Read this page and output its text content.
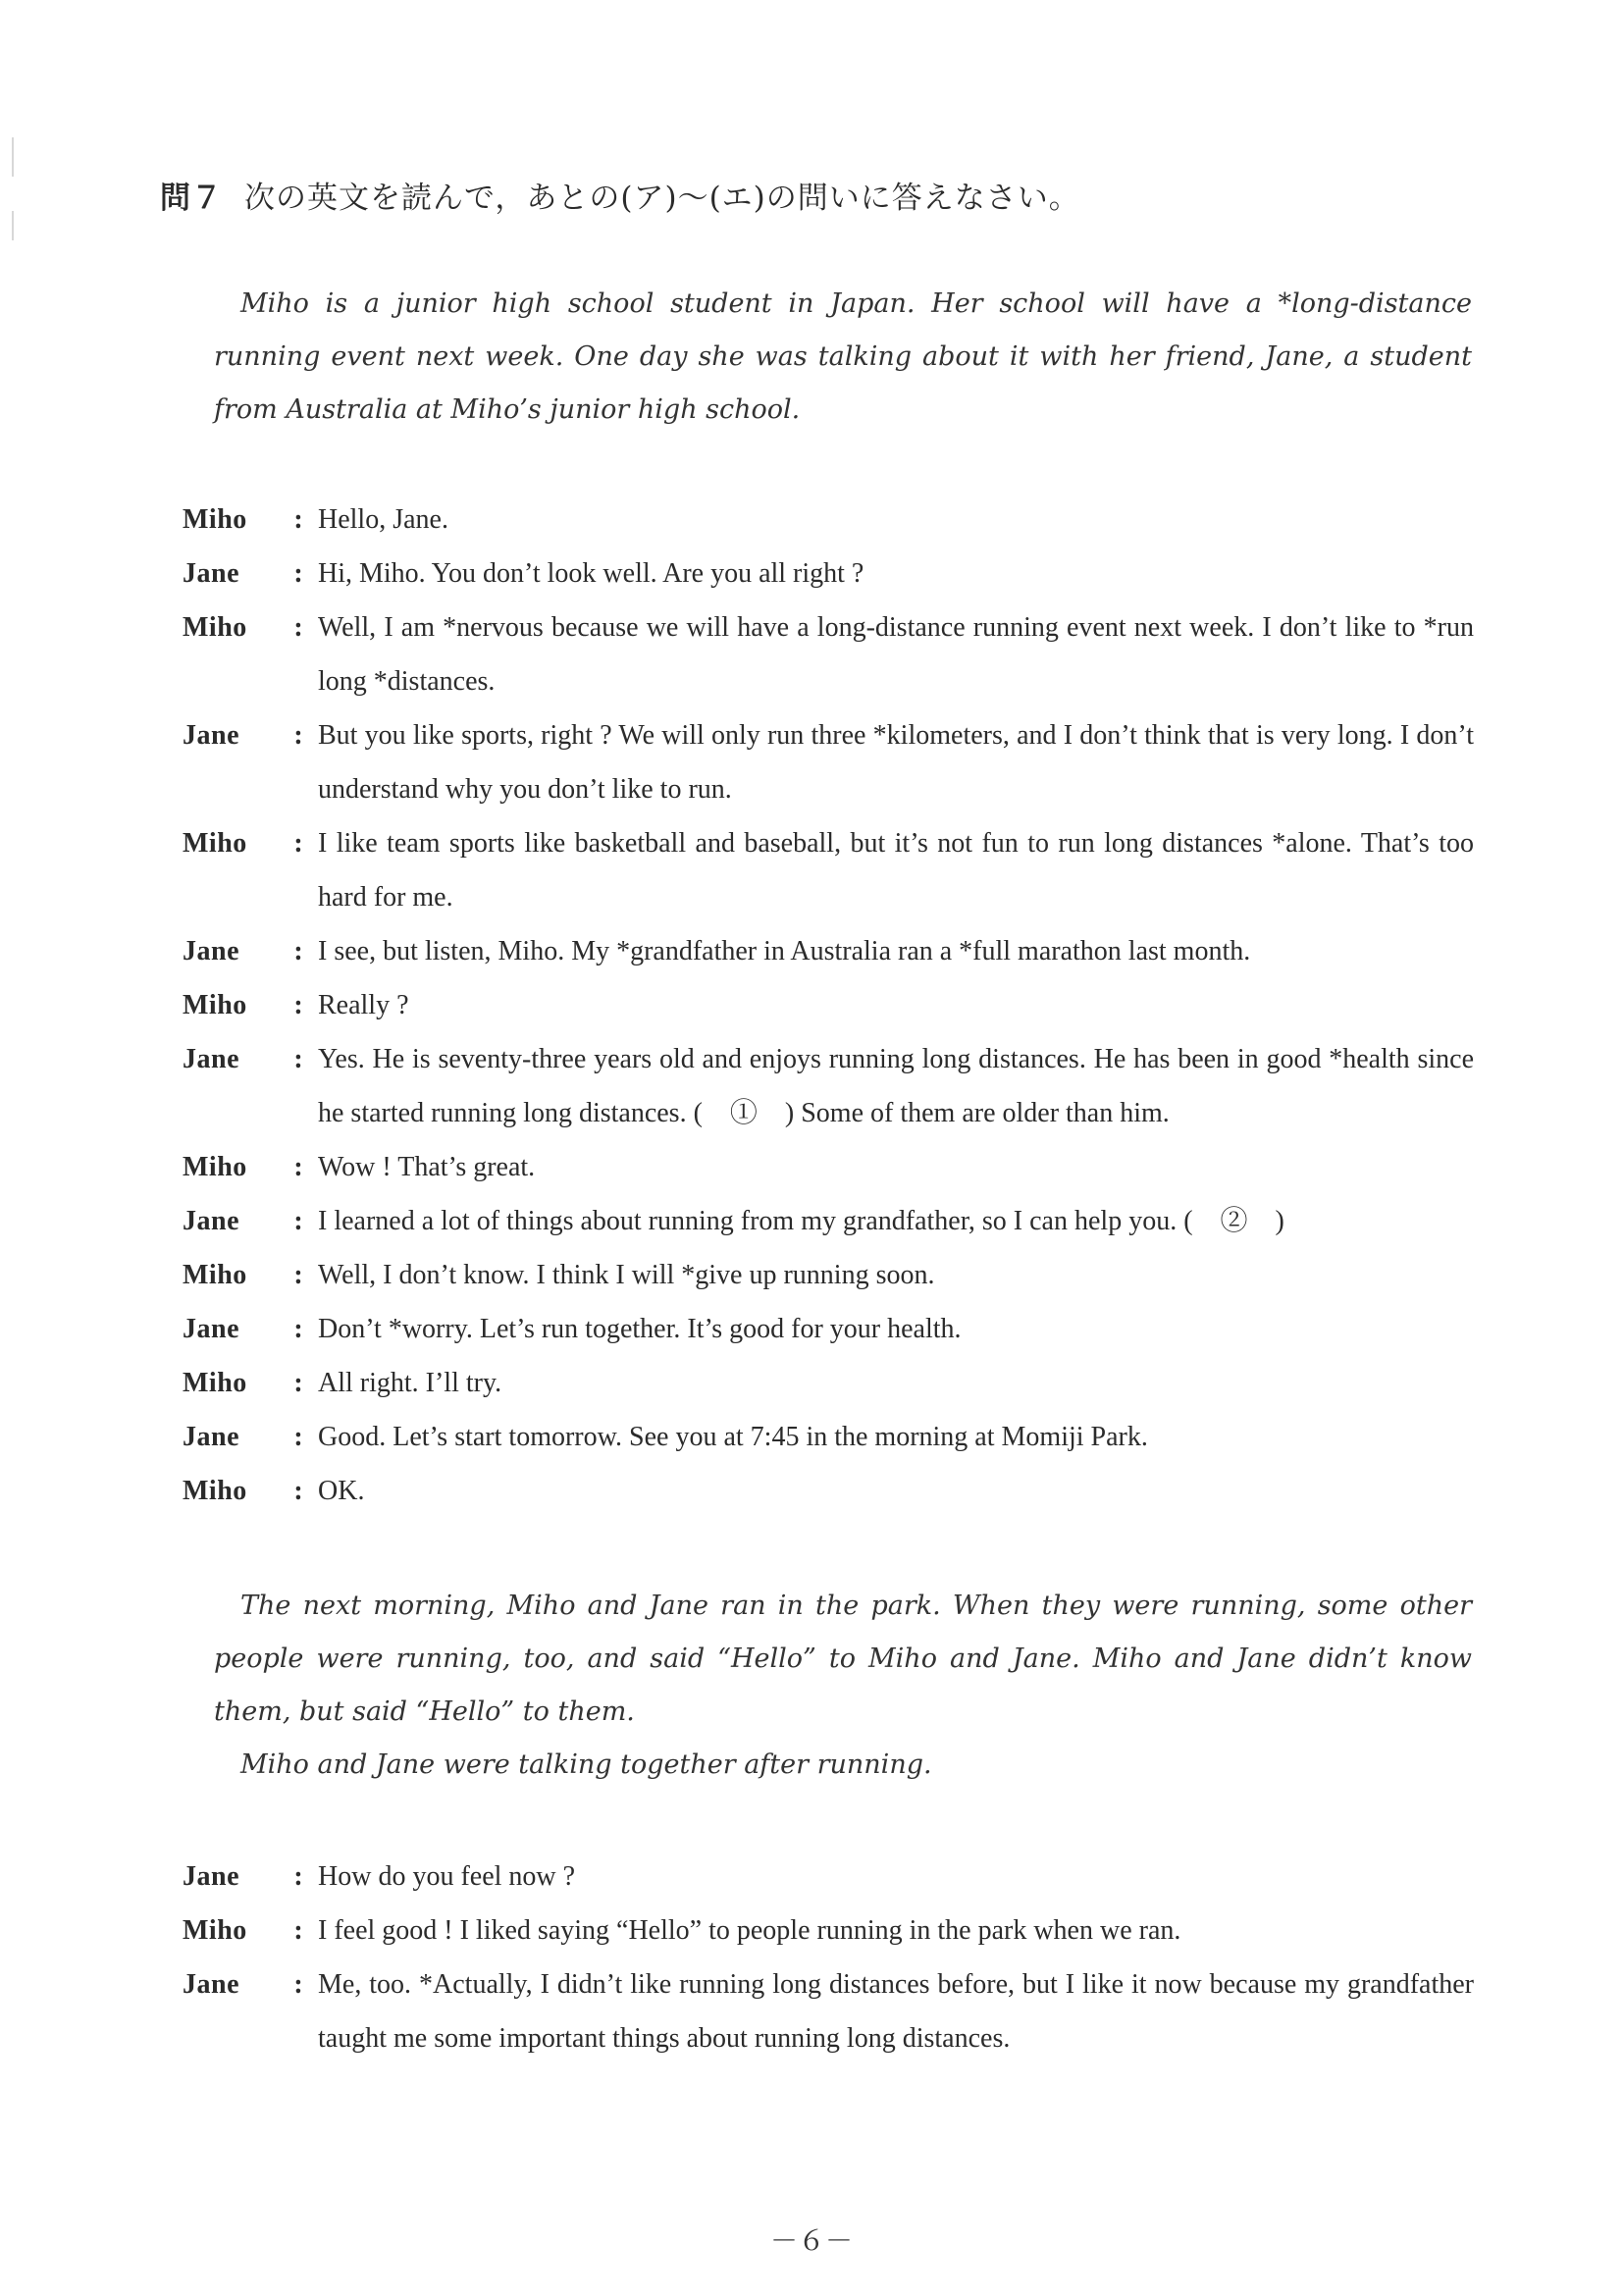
問７ 次の英文を読んで，あとの(ア)〜(エ)の問いに答えなさい。

Miho is a junior high school student in Japan. Her school will have a *long-distance running event next week. One day she was talking about it with her friend, Jane, a student from Australia at Miho’s junior high school.

Miho	: Hello, Jane.
Jane	: Hi, Miho. You don’t look well. Are you all right ?
Miho	: Well, I am *nervous because we will have a long-distance running event next week. I don’t like to *run long *distances.
Jane	: But you like sports, right ? We will only run three *kilometers, and I don’t think that is very long. I don’t understand why you don’t like to run.
Miho	: I like team sports like basketball and baseball, but it’s not fun to run long distances *alone. That’s too hard for me.
Jane	: I see, but listen, Miho. My *grandfather in Australia ran a *full marathon last month.
Miho	: Really ?
Jane	: Yes. He is seventy-three years old and enjoys running long distances. He has been in good *health since he started running long distances. (　①　) Some of them are older than him.
Miho	: Wow ! That’s great.
Jane	: I learned a lot of things about running from my grandfather, so I can help you. (　②　)
Miho	: Well, I don’t know. I think I will *give up running soon.
Jane	: Don’t *worry. Let’s run together. It’s good for your health.
Miho	: All right. I’ll try.
Jane	: Good. Let’s start tomorrow. See you at 7:45 in the morning at Momiji Park.
Miho	: OK.

The next morning, Miho and Jane ran in the park. When they were running, some other people were running, too, and said “Hello” to Miho and Jane. Miho and Jane didn’t know them, but said “Hello” to them.

Miho and Jane were talking together after running.

Jane	: How do you feel now ?
Miho	: I feel good ! I liked saying “Hello” to people running in the park when we ran.
Jane	: Me, too. *Actually, I didn’t like running long distances before, but I like it now because my grandfather taught me some important things about running long distances.
－６－
